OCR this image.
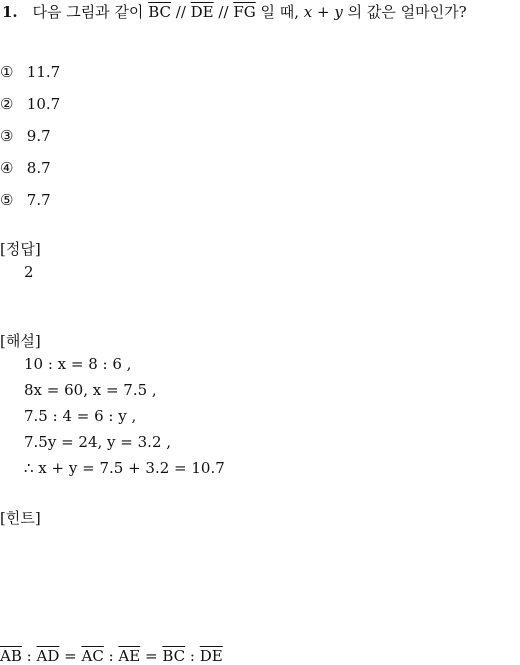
1. 다음 그림과 같이 $\overline{BC} // \overline{DE} // \overline{FG}$ 일 때, x + y 의 값은 얼마인가?
① 11.7
② 10.7
③ 9.7
④ 8.7
⑤ 7.7
[정답]
2
[해설]
10 : x = 8 : 6 ,
8x = 60, x = 7.5 ,
7.5 : 4 = 6 : y ,
7.5y = 24, y = 3.2 ,
∴ x + y = 7.5 + 3.2 = 10.7
[힌트]
$\overline{AB}$ : $\overline{AD} = \overline{AC}$ : $\overline{AE} = \overline{BC}$ : $\overline{DE}$
